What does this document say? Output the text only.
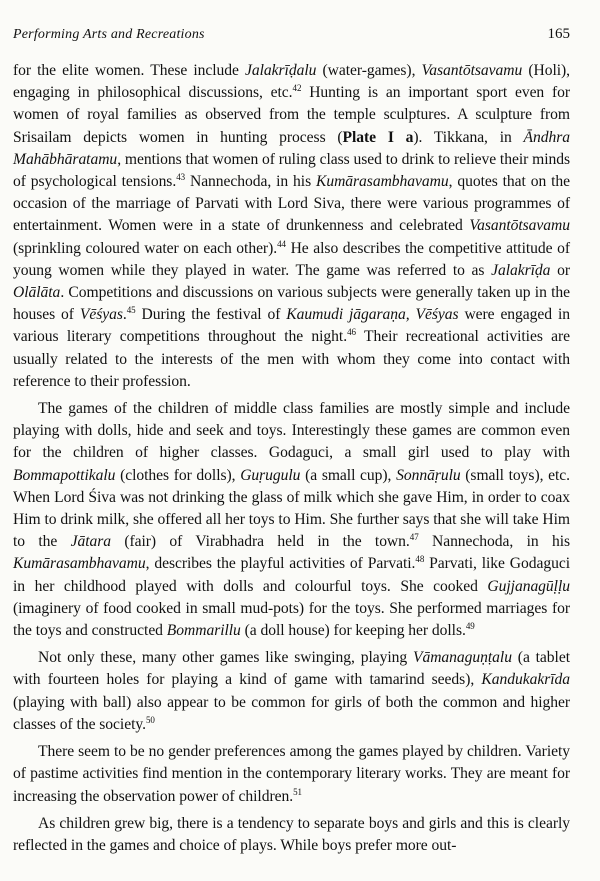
Performing Arts and Recreations	165

for the elite women. These include Jalakrīḍalu (water-games), Vasantōtsavamu (Holi), engaging in philosophical discussions, etc.$^{42}$ Hunting is an important sport even for women of royal families as observed from the temple sculptures. A sculpture from Srisailam depicts women in hunting process (Plate I a). Tikkana, in Āndhra Mahābhāratamu, mentions that women of ruling class used to drink to relieve their minds of psychological tensions.$^{43}$ Nannechoda, in his Kumārasambhavamu, quotes that on the occasion of the marriage of Parvati with Lord Siva, there were various programmes of entertainment. Women were in a state of drunkenness and celebrated Vasantōtsavamu (sprinkling coloured water on each other).$^{44}$ He also describes the competitive attitude of young women while they played in water. The game was referred to as Jalakrīḍa or Olālāta. Competitions and discussions on various subjects were generally taken up in the houses of Vēśyas.$^{45}$ During the festival of Kaumudi jāgaraṇa, Vēśyas were engaged in various literary competitions throughout the night.$^{46}$ Their recreational activities are usually related to the interests of the men with whom they come into contact with reference to their profession.

The games of the children of middle class families are mostly simple and include playing with dolls, hide and seek and toys. Interestingly these games are common even for the children of higher classes. Godaguci, a small girl used to play with Bommapottikalu (clothes for dolls), Guṛugulu (a small cup), Sonnāṛulu (small toys), etc. When Lord Śiva was not drinking the glass of milk which she gave Him, in order to coax Him to drink milk, she offered all her toys to Him. She further says that she will take Him to the Jātara (fair) of Virabhadra held in the town.$^{47}$ Nannechoda, in his Kumārasambhavamu, describes the playful activities of Parvati.$^{48}$ Parvati, like Godaguci in her childhood played with dolls and colourful toys. She cooked Gujjanagūḷḷu (imaginery of food cooked in small mud-pots) for the toys. She performed marriages for the toys and constructed Bommarillu (a doll house) for keeping her dolls.$^{49}$

Not only these, many other games like swinging, playing Vāmanaguṇṭalu (a tablet with fourteen holes for playing a kind of game with tamarind seeds), Kandukakrīda (playing with ball) also appear to be common for girls of both the common and higher classes of the society.$^{50}$

There seem to be no gender preferences among the games played by children. Variety of pastime activities find mention in the contemporary literary works. They are meant for increasing the observation power of children.$^{51}$

As children grew big, there is a tendency to separate boys and girls and this is clearly reflected in the games and choice of plays. While boys prefer more out-
